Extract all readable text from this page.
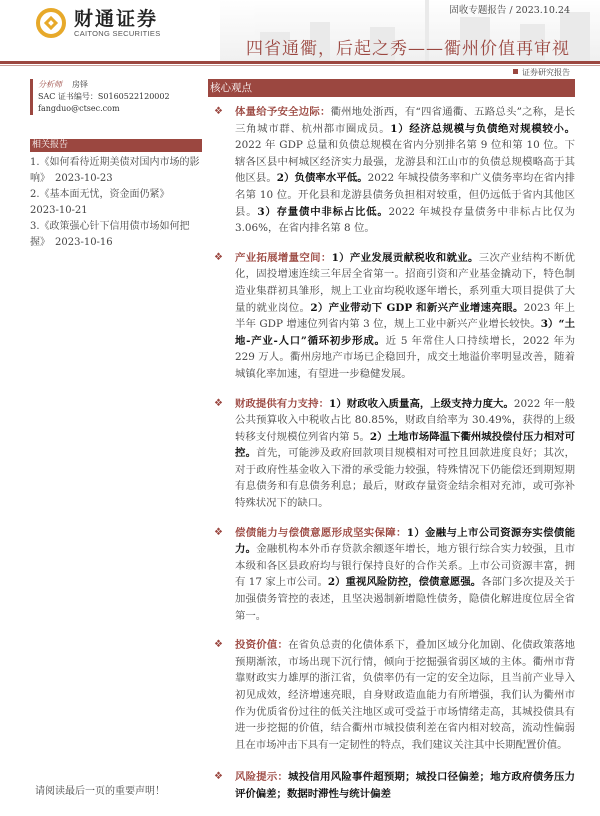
财通证券
CAITONG SECURITIES
固收专题报告 / 2023.10.24
四省通衢，后起之秀——衢州价值再审视
证券研究报告
分析师 房铎
SAC 证书编号：S0160522120002
fangduo@ctsec.com
相关报告
1.《如何看待近期美债对国内市场的影响》　2023-10-23
2.《基本面无忧，资金面仍紧》　2023-10-21
3.《政策强心针下信用债市场如何把握》　2023-10-16
核心观点
❖ 体量给予安全边际：衢州地处浙西，有“四省通衢、五路总头”之称，是长三角城市群、杭州都市圈成员。1）经济总规模与负债绝对规模较小。2022 年 GDP 总量和负债总规模在省内分别排名第 9 位和第 10 位。下辖各区县中柯城区经济实力最强，龙游县和江山市的负债总规模略高于其他区县。2）负债率水平低。2022 年城投债务率和广义债务率均在省内排名第 10 位。开化县和龙游县债务负担相对较重，但仍远低于省内其他区县。3）存量债中非标占比低。2022 年城投存量债务中非标占比仅为 3.06%，在省内排名第 8 位。
❖ 产业拓展增量空间：1）产业发展贡献税收和就业。三次产业结构不断优化，固投增速连续三年居全省第一。招商引资和产业基金撬动下，特色制造业集群初具雏形，规上工业亩均税收逐年增长，系列重大项目提供了大量的就业岗位。2）产业带动下 GDP 和新兴产业增速亮眼。2023 年上半年 GDP 增速位列省内第 3 位，规上工业中新兴产业增长较快。3）“土地-产业-人口”循环初步形成。近 5 年常住人口持续增长，2022 年为 229 万人。衢州房地产市场已企稳回升，成交土地溢价率明显改善，随着城镇化率加速，有望进一步稳健发展。
❖ 财政提供有力支持：1）财政收入质量高，上级支持力度大。2022 年一般公共预算收入中税收占比 80.85%，财政自给率为 30.49%，获得的上级转移支付规模位列省内第 5。2）土地市场降温下衢州城投偿付压力相对可控。首先，可能涉及政府回款项目规模相对可控且回款进度良好；其次，对于政府性基金收入下滑的承受能力较强，特殊情况下仍能偿还到期短期有息债务和有息债务利息；最后，财政存量资金结余相对充沛，或可弥补特殊状况下的缺口。
❖ 偿债能力与偿债意愿形成坚实保障：1）金融与上市公司资源夯实偿债能力。金融机构本外币存贷款余额逐年增长，地方银行综合实力较强，且市本级和各区县政府均与银行保持良好的合作关系。上市公司资源丰富，拥有 17 家上市公司。2）重视风险防控，偿债意愿强。各部门多次提及关于加强债务管控的表述，且坚决遏制新增隐性债务，隐债化解进度位居全省第一。
❖ 投资价值：在省负总责的化债体系下，叠加区域分化加剧、化债政策落地预期渐浓，市场出现下沉行情，倾向于挖掘强省弱区域的主体。衢州市背靠财政实力雄厚的浙江省，负债率仍有一定的安全边际，且当前产业导入初见成效，经济增速亮眼，自身财政造血能力有所增强，我们认为衢州市作为优质省份过往的低关注地区或可受益于市场情绪走高，其城投债具有进一步挖掘的价值，结合衢州市城投债利差在省内相对较高，流动性偏弱且在市场冲击下具有一定韧性的特点，我们建议关注其中长期配置价值。
❖ 风险提示：城投信用风险事件超预期；城投口径偏差；地方政府债务压力评价偏差；数据时滞性与统计偏差
请阅读最后一页的重要声明！
